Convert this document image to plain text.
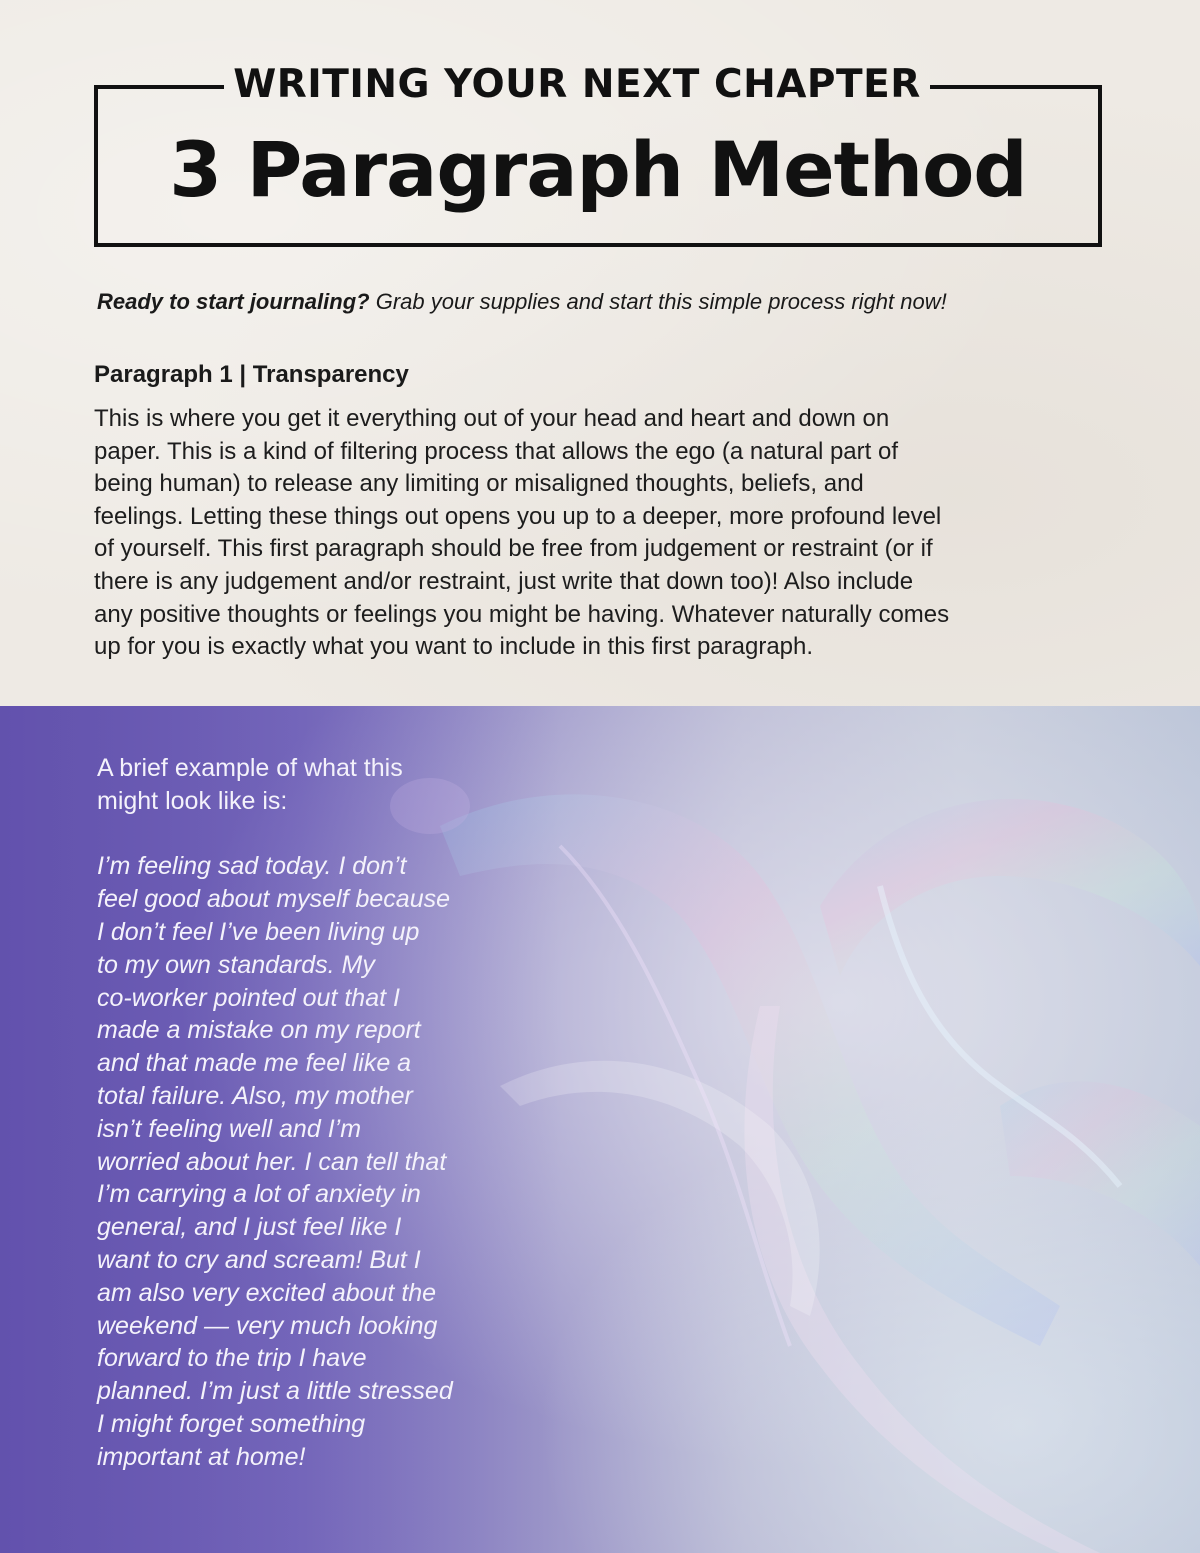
WRITING YOUR NEXT CHAPTER
3 Paragraph Method
Ready to start journaling? Grab your supplies and start this simple process right now!
Paragraph 1 | Transparency
This is where you get it everything out of your head and heart and down on
paper. This is a kind of filtering process that allows the ego (a natural part of
being human) to release any limiting or misaligned thoughts, beliefs, and
feelings. Letting these things out opens you up to a deeper, more profound level
of yourself. This first paragraph should be free from judgement or restraint (or if
there is any judgement and/or restraint, just write that down too)! Also include
any positive thoughts or feelings you might be having. Whatever naturally comes
up for you is exactly what you want to include in this first paragraph.
A brief example of what this
might look like is:
I’m feeling sad today. I don’t
feel good about myself because
I don’t feel I’ve been living up
to my own standards. My
co-worker pointed out that I
made a mistake on my report
and that made me feel like a
total failure. Also, my mother
isn’t feeling well and I’m
worried about her. I can tell that
I’m carrying a lot of anxiety in
general, and I just feel like I
want to cry and scream! But I
am also very excited about the
weekend — very much looking
forward to the trip I have
planned. I’m just a little stressed
I might forget something
important at home!
